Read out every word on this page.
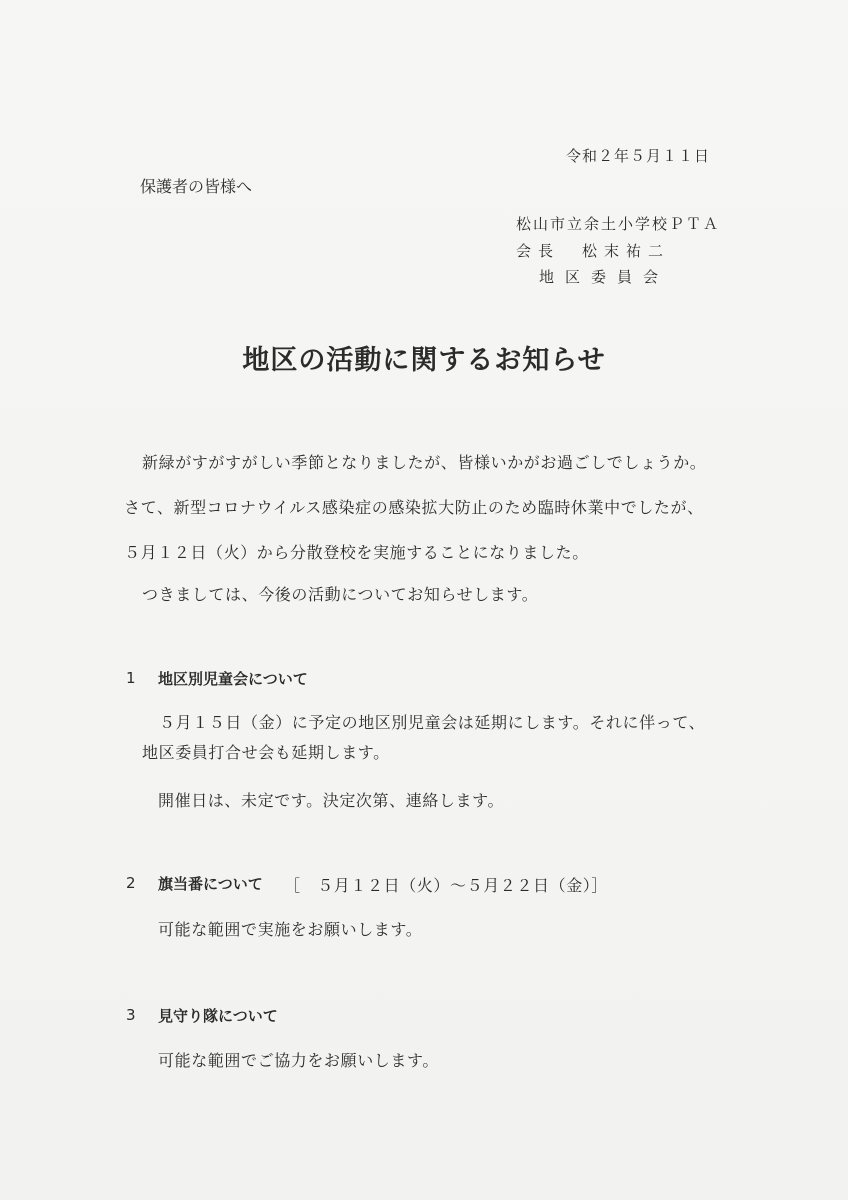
令和２年５月１１日
保護者の皆様へ
松山市立余土小学校ＰＴＡ
会長　松末祐二
地区委員会
地区の活動に関するお知らせ
新緑がすがすがしい季節となりましたが、皆様いかがお過ごしでしょうか。
さて、新型コロナウイルス感染症の感染拡大防止のため臨時休業中でしたが、
５月１２日（火）から分散登校を実施することになりました。
つきましては、今後の活動についてお知らせします。
1 地区別児童会について
５月１５日（金）に予定の地区別児童会は延期にします。それに伴って、
地区委員打合せ会も延期します。
開催日は、未定です。決定次第、連絡します。
2 旗当番について ［　５月１２日（火）～５月２２日（金）］
可能な範囲で実施をお願いします。
3 見守り隊について
可能な範囲でご協力をお願いします。
